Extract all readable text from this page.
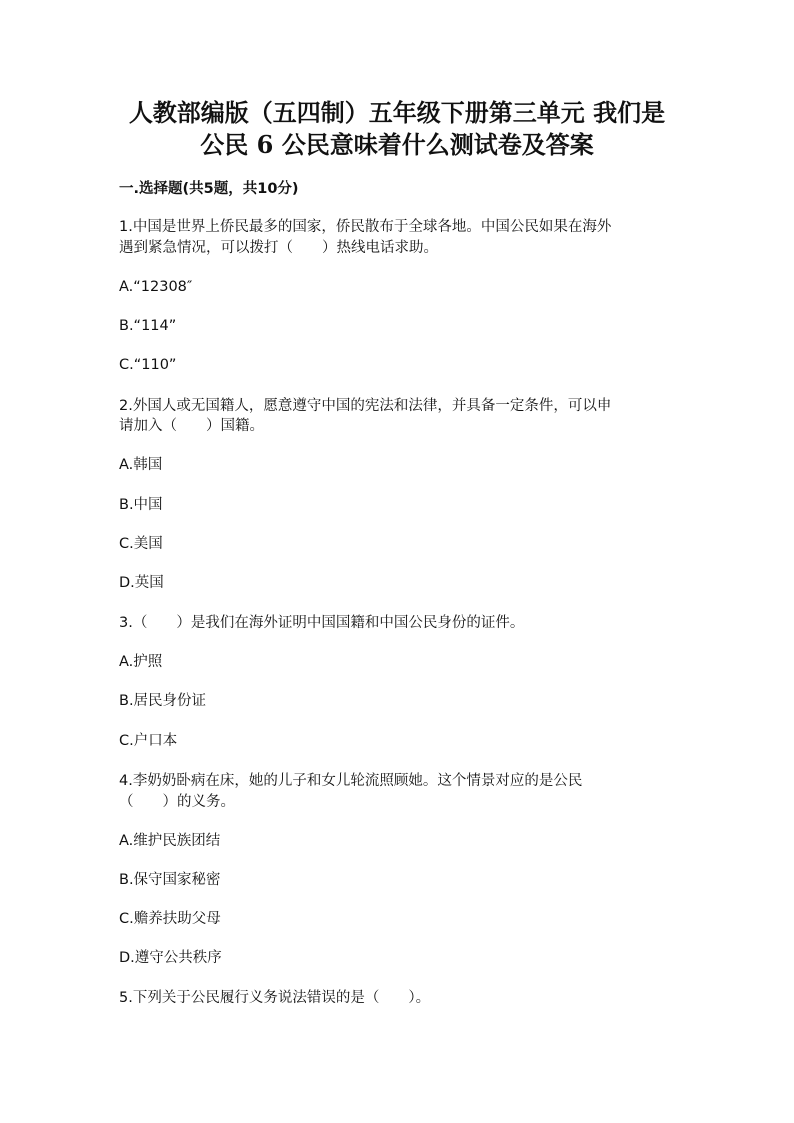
人教部编版（五四制）五年级下册第三单元 我们是
公民 6 公民意味着什么测试卷及答案
一.选择题(共5题，共10分)
1.中国是世界上侨民最多的国家，侨民散布于全球各地。中国公民如果在海外
遇到紧急情况，可以拨打（　　）热线电话求助。
A.“12308″
B.“114”
C.“110”
2.外国人或无国籍人，愿意遵守中国的宪法和法律，并具备一定条件，可以申
请加入（　　）国籍。
A.韩国
B.中国
C.美国
D.英国
3.（　　）是我们在海外证明中国国籍和中国公民身份的证件。
A.护照
B.居民身份证
C.户口本
4.李奶奶卧病在床，她的儿子和女儿轮流照顾她。这个情景对应的是公民
（　　）的义务。
A.维护民族团结
B.保守国家秘密
C.赡养扶助父母
D.遵守公共秩序
5.下列关于公民履行义务说法错误的是（　　）。
